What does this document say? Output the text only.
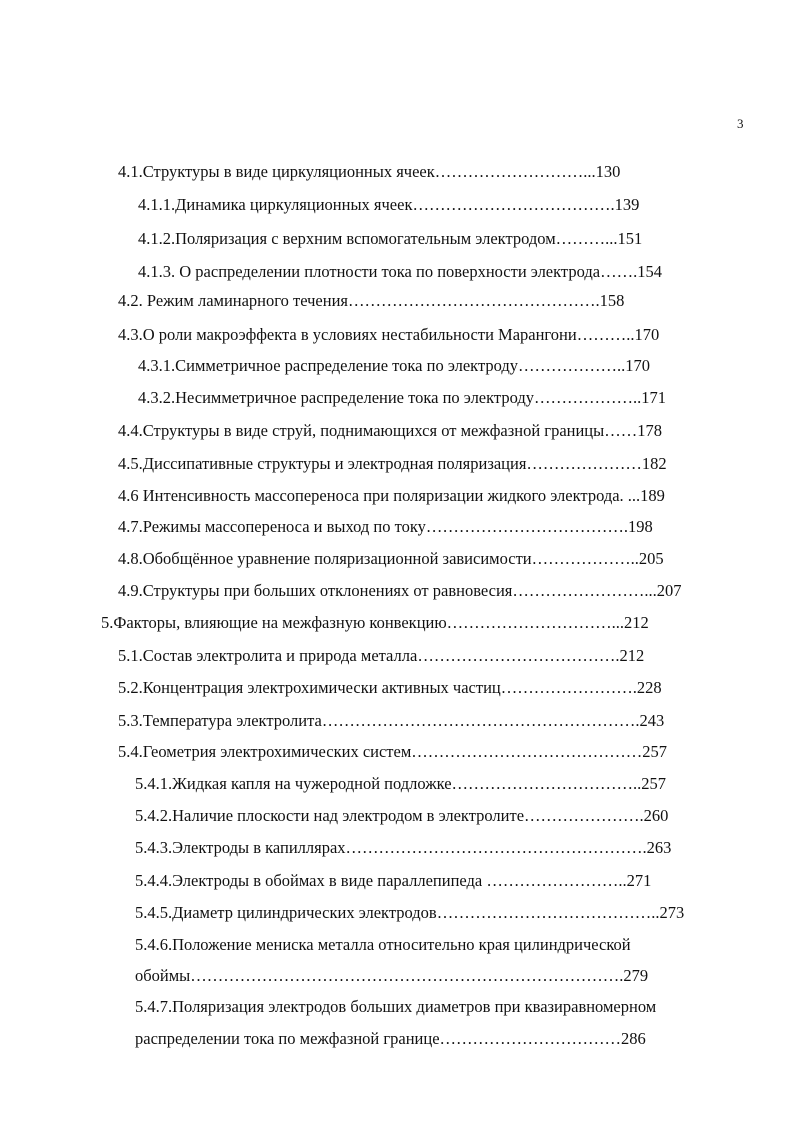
3
4.1.Структуры в виде циркуляционных ячеек………………………...130
4.1.1.Динамика циркуляционных ячеек……………………………….139
4.1.2.Поляризация с верхним вспомогательным электродом………...151
4.1.3. О распределении плотности тока по поверхности электрода…….154
4.2. Режим ламинарного течения……………………………………….158
4.3.О роли макроэффекта в условиях нестабильности Марангони………..170
4.3.1.Симметричное распределение тока по электроду………………..170
4.3.2.Несимметричное распределение тока по электроду………………..171
4.4.Структуры в виде струй, поднимающихся от межфазной границы……178
4.5.Диссипативные структуры и электродная поляризация…………………182
4.6 Интенсивность массопереноса при поляризации жидкого электрода. ...189
4.7.Режимы массопереноса и выход по току……………………………….198
4.8.Обобщённое уравнение поляризационной зависимости………………..205
4.9.Структуры при больших отклонениях от равновесия……………………...207
5.Факторы, влияющие на межфазную конвекцию…………………………...212
5.1.Состав электролита и природа металла……………………………….212
5.2.Концентрация электрохимически активных частиц…………………….228
5.3.Температура электролита………………………………………………….243
5.4.Геометрия электрохимических систем……………………………………257
5.4.1.Жидкая капля на чужеродной подложке……………………………..257
5.4.2.Наличие плоскости над электродом в электролите………………….260
5.4.3.Электроды в капиллярах……………………………………………….263
5.4.4.Электроды в обоймах в виде параллепипеда ……………………..271
5.4.5.Диаметр цилиндрических электродов…………………………………..273
5.4.6.Положение мениска металла относительно края цилиндрической
обоймы…………………………………………………………………….279
5.4.7.Поляризация электродов больших диаметров при квазиравномерном
распределении тока по межфазной границе……………………………286
